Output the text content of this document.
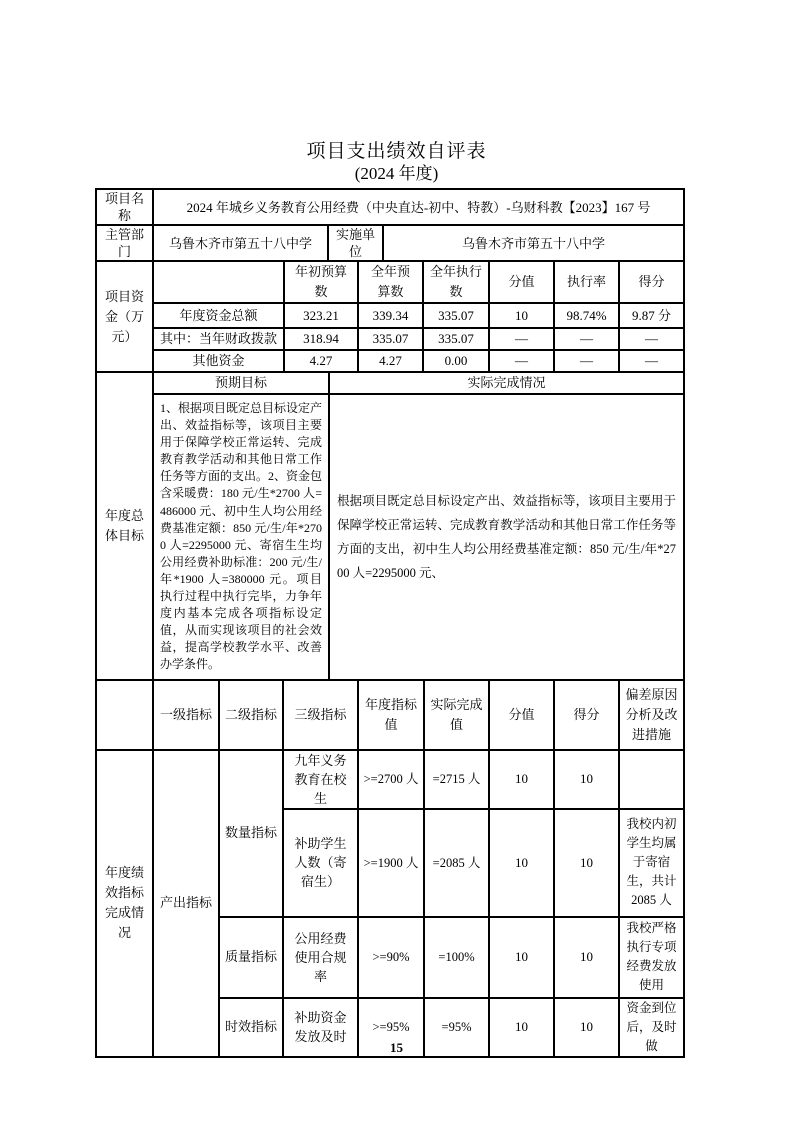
项目支出绩效自评表
(2024 年度)
项目名称	2024 年城乡义务教育公用经费（中央直达-初中、特教）-乌财科教【2023】167 号		
主管部门	乌鲁木齐市第五十八中学	实施单位	乌鲁木齐市第五十八中学
项目资金（万元）		年初预算数	全年预算数	全年执行数	分值	执行率	得分
	年度资金总额	323.21	339.34	335.07	10	98.74%	9.87 分
	其中：当年财政拨款	318.94	335.07	335.07	—	—	—
	其他资金	4.27	4.27	0.00	—	—	—
年度总体目标	预期目标	实际完成情况
	1、根据项目既定总目标设定产出、效益指标等，该项目主要用于保障学校正常运转、完成教育教学活动和其他日常工作任务等方面的支出。2、资金包含采暖费：180 元/生*2700 人=486000 元、初中生人均公用经费基准定额：850 元/生/年*2700 人=2295000 元、寄宿生生均公用经费补助标准：200 元/生/年*1900 人=380000 元。项目执行过程中执行完毕，力争年度内基本完成各项指标设定值，从而实现该项目的社会效益，提高学校教学水平、改善办学条件。	根据项目既定总目标设定产出、效益指标等，该项目主要用于保障学校正常运转、完成教育教学活动和其他日常工作任务等方面的支出，初中生人均公用经费基准定额：850 元/生/年*2700 人=2295000 元、
	一级指标	二级指标	三级指标	年度指标值	实际完成值	分值	得分	偏差原因分析及改进措施
年度绩效指标完成情况	产出指标	数量指标	九年义务教育在校生	>=2700 人	=2715 人	10	10	
			补助学生人数（寄宿生）	>=1900 人	=2085 人	10	10	我校内初学生均属于寄宿生，共计 2085 人
		质量指标	公用经费使用合规率	>=90%	=100%	10	10	我校严格执行专项经费发放使用
		时效指标	补助资金发放及时	>=95%	=95%	10	10	资金到位后，及时做
15
